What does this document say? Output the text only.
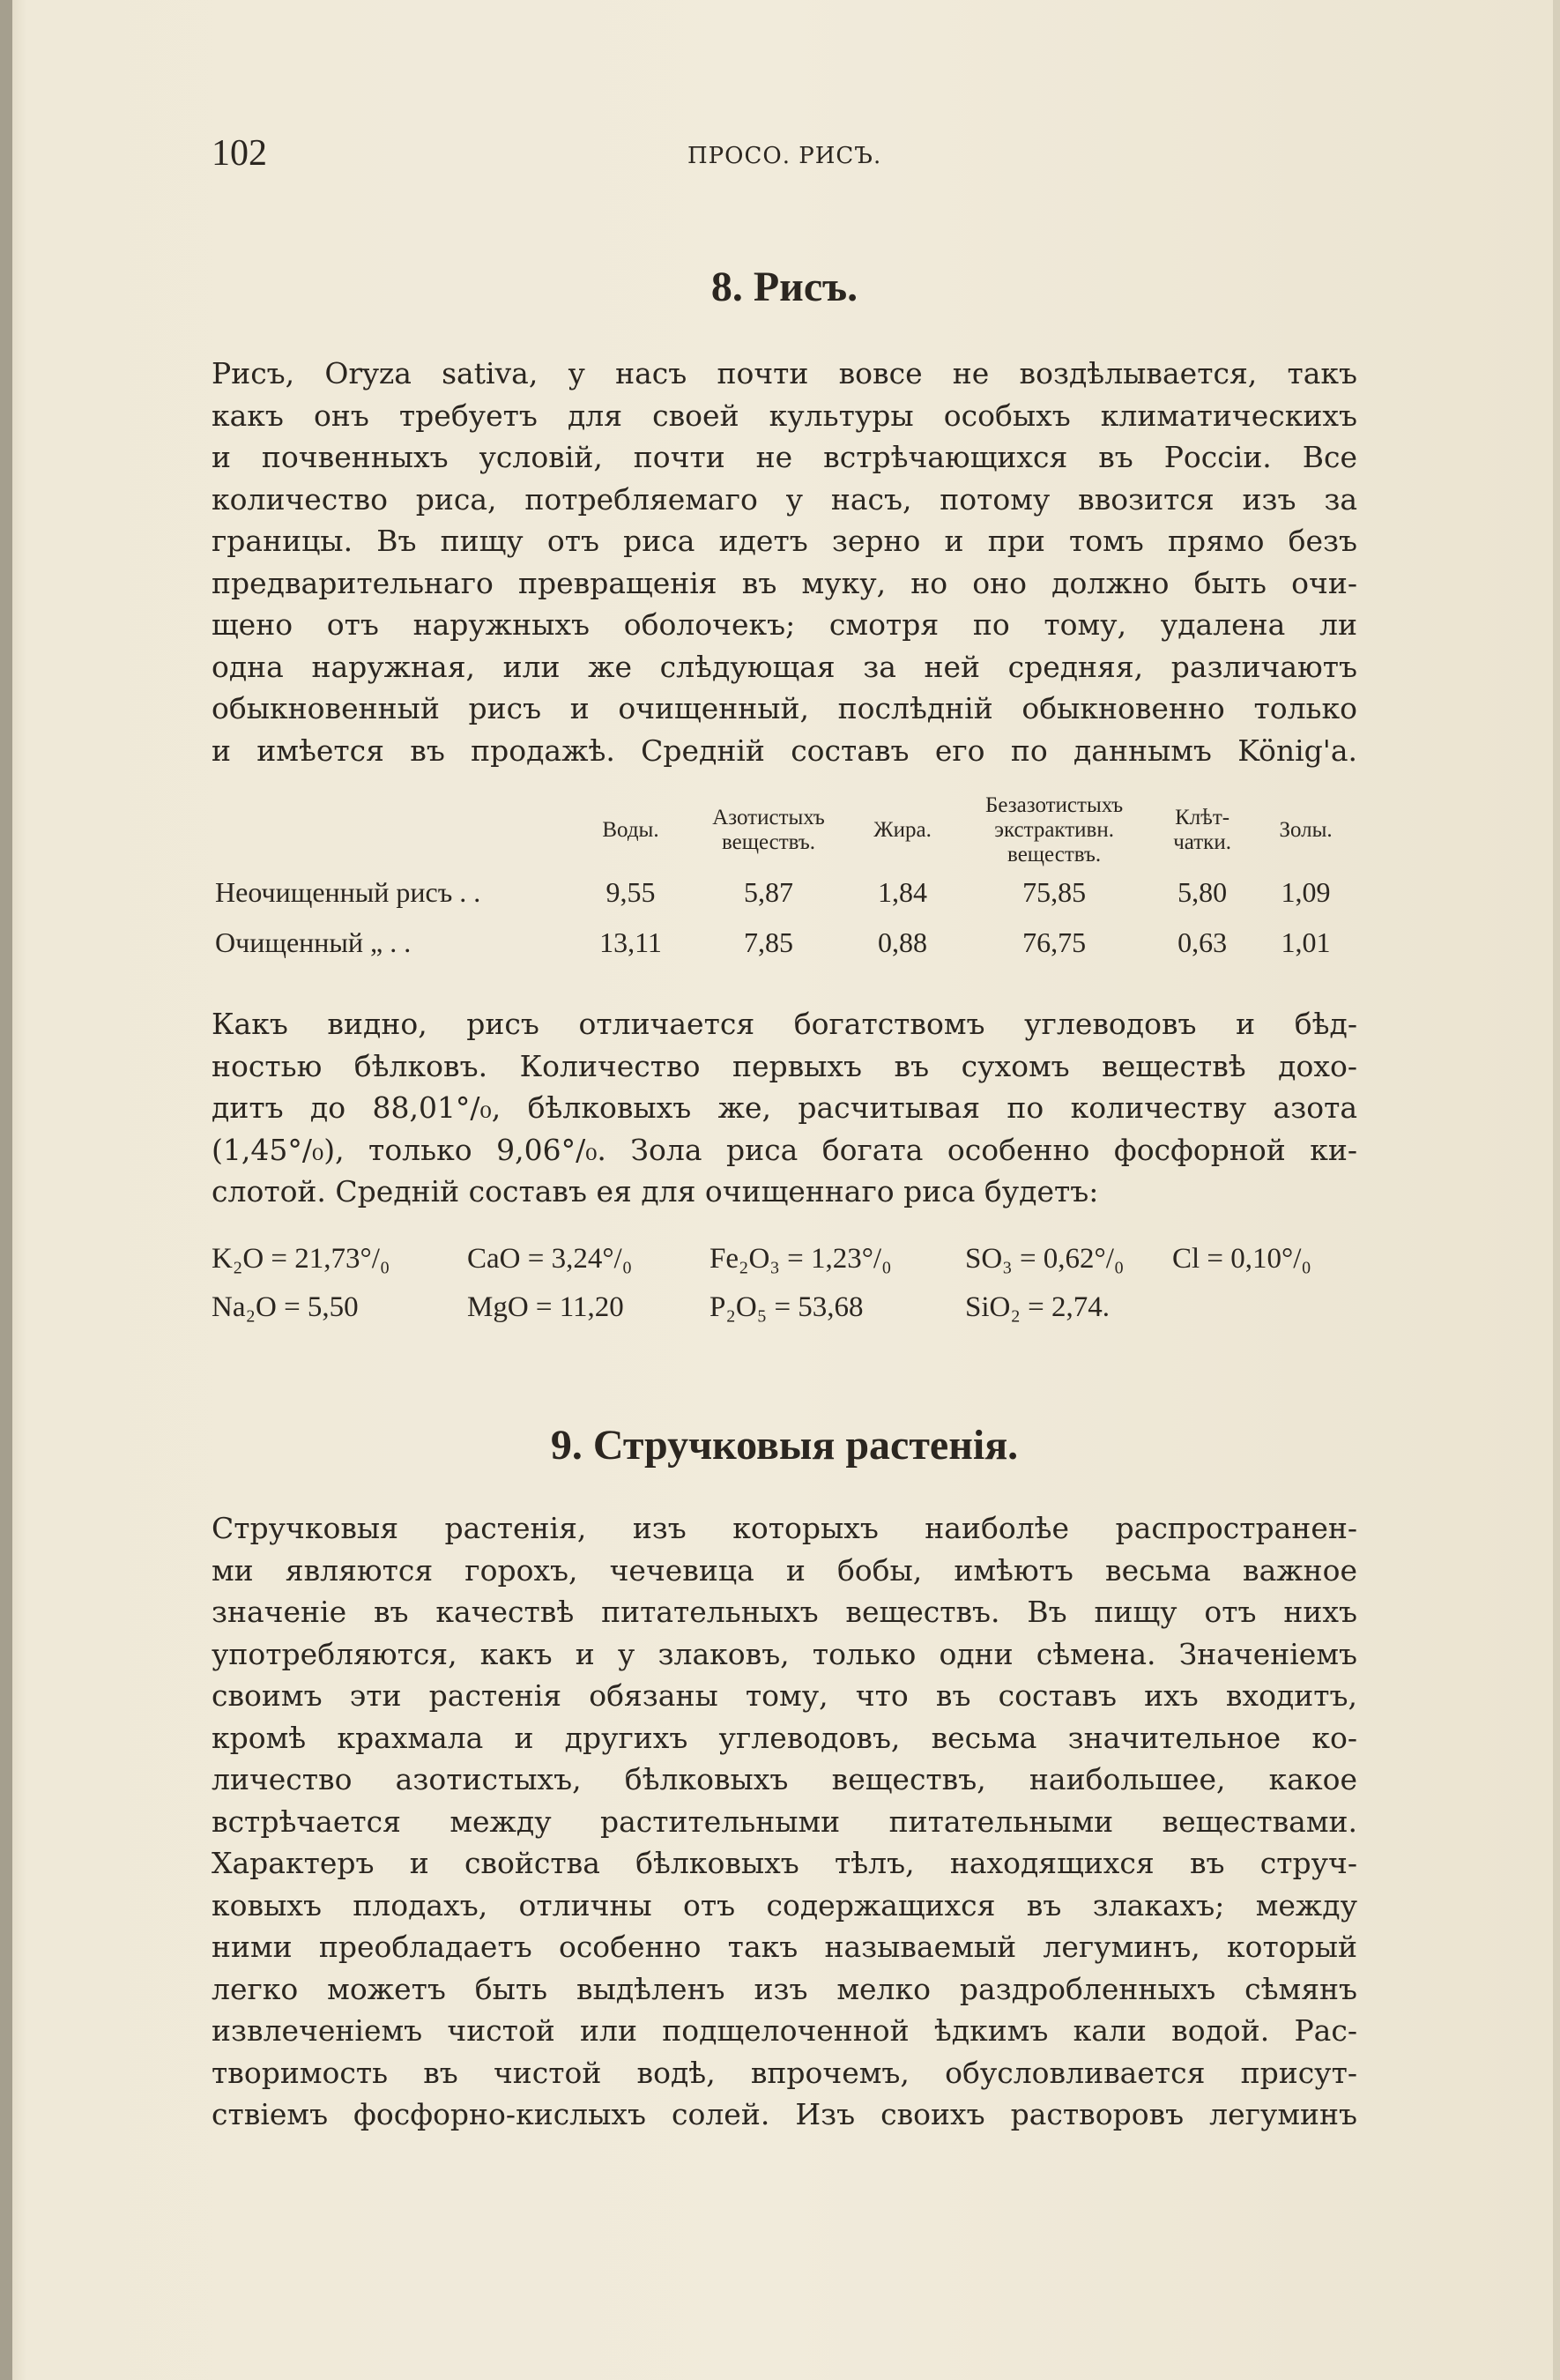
102	ПРОСО. РИСЪ.
8. Рисъ.
Рисъ, Oryza sativa, у насъ почти вовсе не воздѣлывается, такъ
какъ онъ требуетъ для своей культуры особыхъ климатическихъ
и почвенныхъ условій, почти не встрѣчающихся въ Россіи. Все
количество риса, потребляемаго у насъ, потому ввозится изъ за
границы. Въ пищу отъ риса идетъ зерно и при томъ прямо безъ
предварительнаго превращенія въ муку, но оно должно быть очи-
щено отъ наружныхъ оболочекъ; смотря по тому, удалена ли
одна наружная, или же слѣдующая за ней средняя, различаютъ
обыкновенный рисъ и очищенный, послѣдній обыкновенно только
и имѣется въ продажѣ. Среднiй составъ его по даннымъ König'а.
	Воды.	Азотистыхъ веществъ.	Жира.	Безазотистыхъ экстрактивн. веществъ.	Клѣт-чатки.	Золы.
Неочищенный рисъ . .	9,55	5,87	1,84	75,85	5,80	1,09
Очищенный „ . .	13,11	7,85	0,88	76,75	0,63	1,01
Какъ видно, рисъ отличается богатствомъ углеводовъ и бѣд-
ностью бѣлковъ. Количество первыхъ въ сухомъ веществѣ дохо-
дитъ до 88,01°/₀, бѣлковыхъ же, расчитывая по количеству азота
(1,45°/₀), только 9,06°/₀. Зола риса богата особенно фосфорной ки-
слотой. Среднiй составъ ея для очищеннаго риса будетъ:
K₂O = 21,73°/₀	CaO = 3,24°/₀	Fe₂O₃ = 1,23°/₀	SO₃ = 0,62°/₀ Cl = 0,10°/₀
Na₂O = 5,50	MgO = 11,20	P₂O₅ = 53,68	SiO₂ = 2,74.
9. Стручковыя растенія.
Стручковыя растенія, изъ которыхъ наиболѣе распространен-
ми являются горохъ, чечевица и бобы, имѣютъ весьма важное
значеніе въ качествѣ питательныхъ веществъ. Въ пищу отъ нихъ
употребляются, какъ и у злаковъ, только одни сѣмена. Значеніемъ
своимъ эти растенія обязаны тому, что въ составъ ихъ входитъ,
кромѣ крахмала и другихъ углеводовъ, весьма значительное ко-
личество азотистыхъ, бѣлковыхъ веществъ, наибольшее, какое
встрѣчается между растительными питательными веществами.
Характеръ и свойства бѣлковыхъ тѣлъ, находящихся въ струч-
ковыхъ плодахъ, отличны отъ содержащихся въ злакахъ; между
ними преобладаетъ особенно такъ называемый легуминъ, который
легко можетъ быть выдѣленъ изъ мелко раздробленныхъ сѣмянъ
извлеченіемъ чистой или подщелоченной ѣдкимъ кали водой. Рас-
творимость въ чистой водѣ, впрочемъ, обусловливается присут-
ствіемъ фосфорно-кислыхъ солей. Изъ своихъ растворовъ легуминъ
